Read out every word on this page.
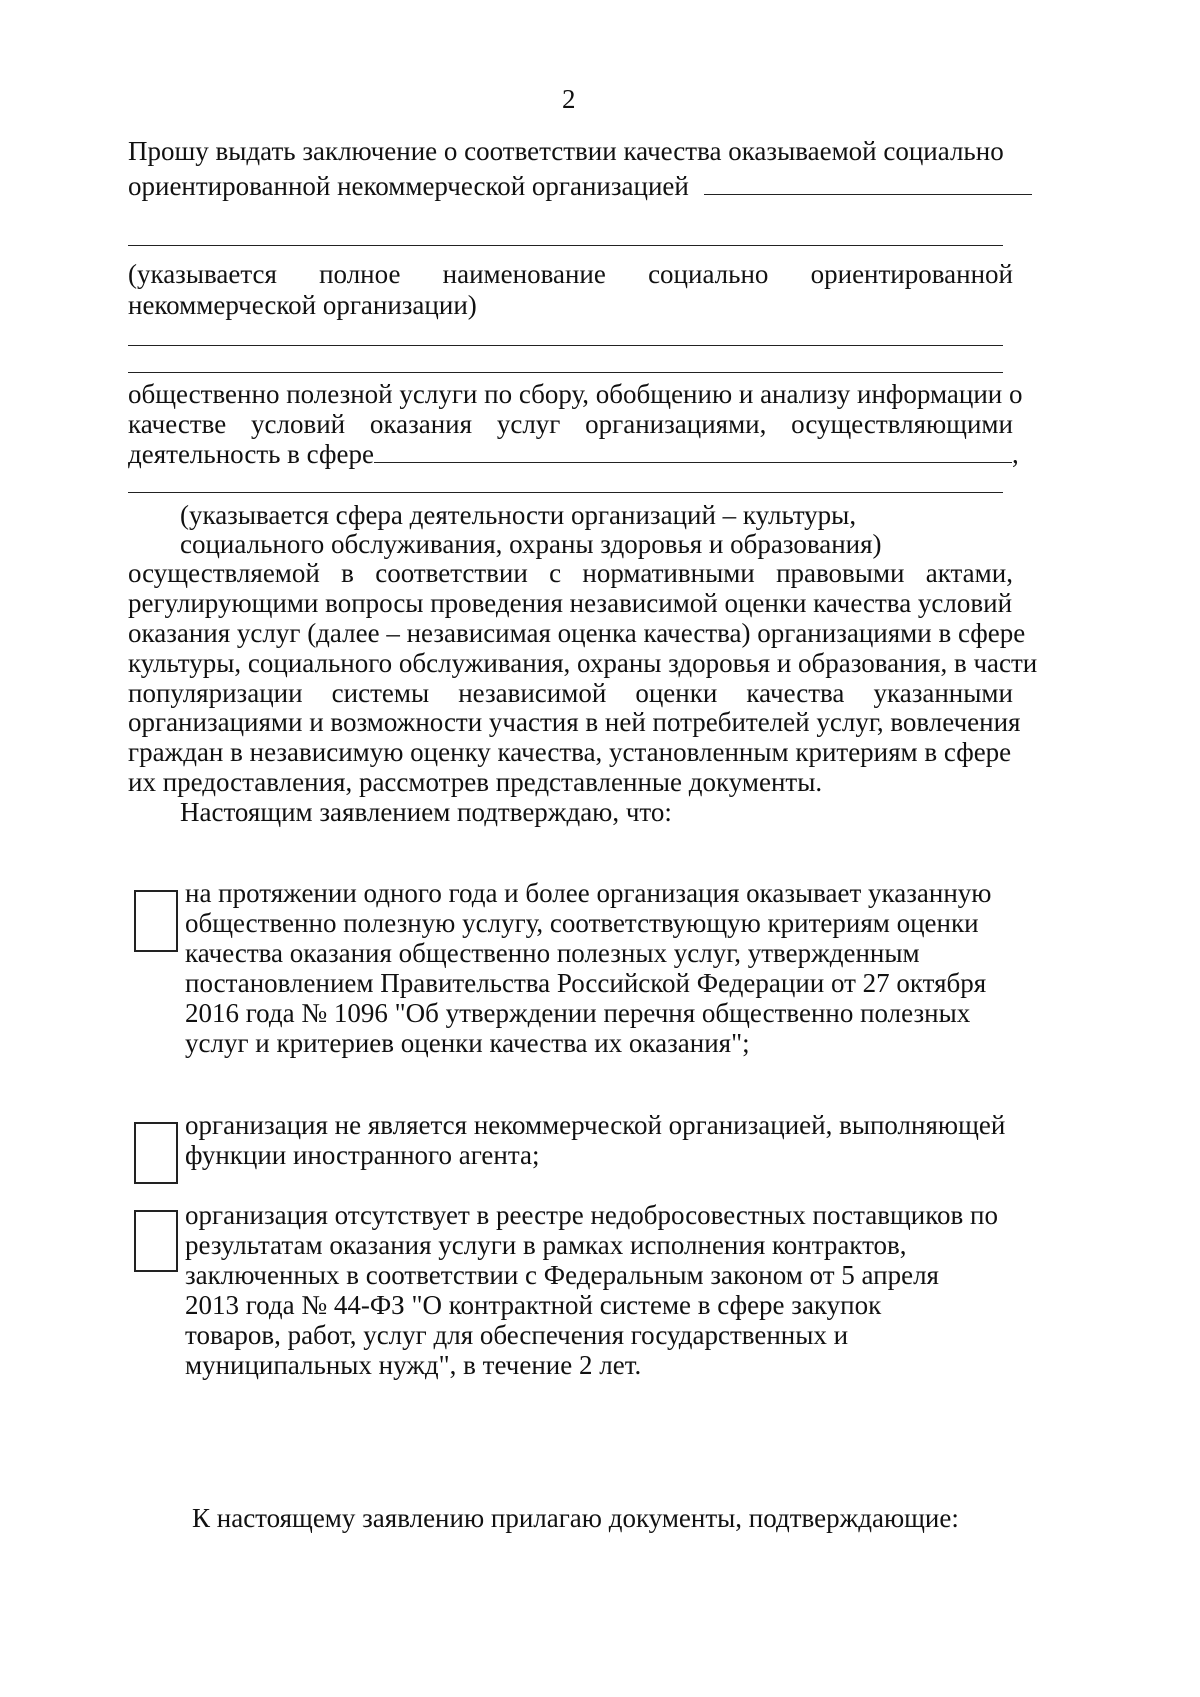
2
Прошу выдать заключение о соответствии качества оказываемой социально
ориентированной некоммерческой организацией
(указывается полное наименование социально ориентированной
некоммерческой организации)
общественно полезной услуги по сбору, обобщению и анализу информации о
качестве условий оказания услуг организациями, осуществляющими
деятельность в сфере	,
(указывается сфера деятельности организаций – культуры,
социального обслуживания, охраны здоровья и образования)
осуществляемой в соответствии с нормативными правовыми актами,
регулирующими вопросы проведения независимой оценки качества условий
оказания услуг (далее – независимая оценка качества) организациями в сфере
культуры, социального обслуживания, охраны здоровья и образования, в части
популяризации системы независимой оценки качества указанными
организациями и возможности участия в ней потребителей услуг, вовлечения
граждан в независимую оценку качества, установленным критериям в сфере
их предоставления, рассмотрев представленные документы.
Настоящим заявлением подтверждаю, что:
на протяжении одного года и более организация оказывает указанную
общественно полезную услугу, соответствующую критериям оценки
качества оказания общественно полезных услуг, утвержденным
постановлением Правительства Российской Федерации от 27 октября
2016 года № 1096 "Об утверждении перечня общественно полезных
услуг и критериев оценки качества их оказания";
организация не является некоммерческой организацией, выполняющей
функции иностранного агента;
организация отсутствует в реестре недобросовестных поставщиков по
результатам оказания услуги в рамках исполнения контрактов,
заключенных в соответствии с Федеральным законом от 5 апреля
2013 года № 44-ФЗ "О контрактной системе в сфере закупок
товаров, работ, услуг для обеспечения государственных и
муниципальных нужд", в течение 2 лет.
К настоящему заявлению прилагаю документы, подтверждающие:
